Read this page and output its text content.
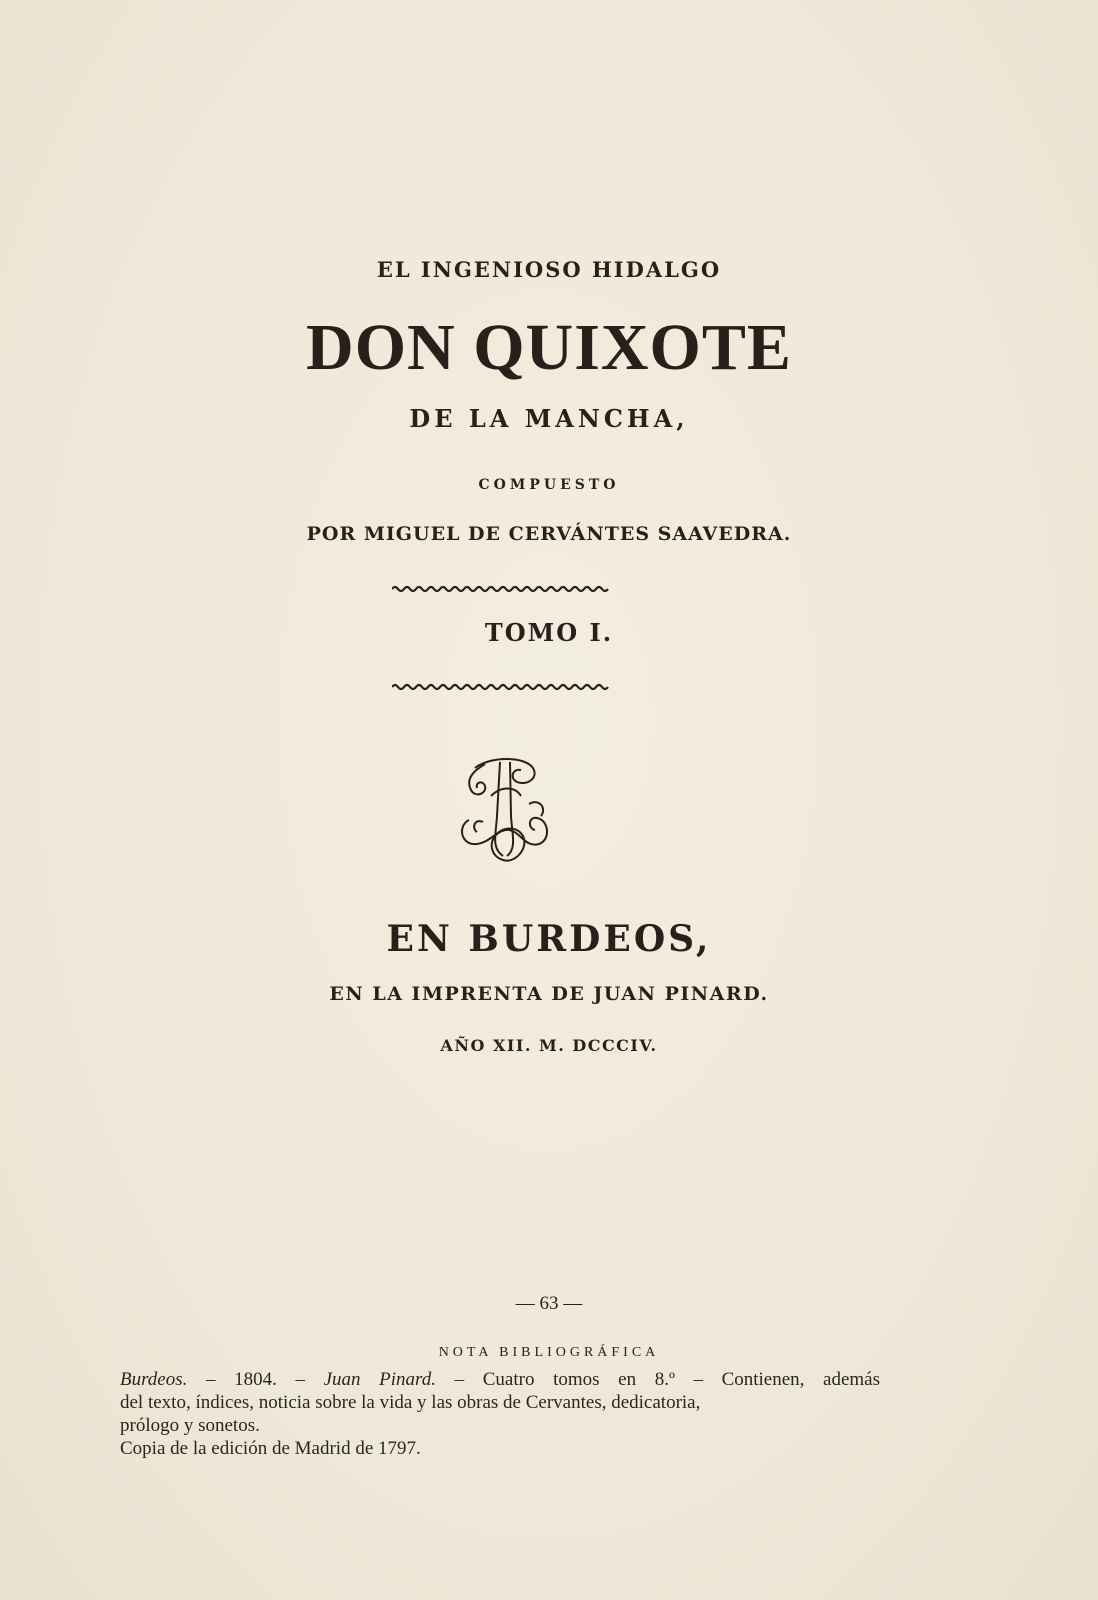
EL INGENIOSO HIDALGO
DON QUIXOTE
DE LA MANCHA,
COMPUESTO
POR MIGUEL DE CERVÁNTES SAAVEDRA.
TOMO I.
EN BURDEOS,
EN LA IMPRENTA DE JUAN PINARD.
AÑO XII. M. DCCCIV.
— 63 —
NOTA BIBLIOGRÁFICA

Burdeos. – 1804. – Juan Pinard. – Cuatro tomos en 8.º – Contienen, además

del texto, índices, noticia sobre la vida y las obras de Cervantes, dedicatoria,

prólogo y sonetos.

Copia de la edición de Madrid de 1797.
